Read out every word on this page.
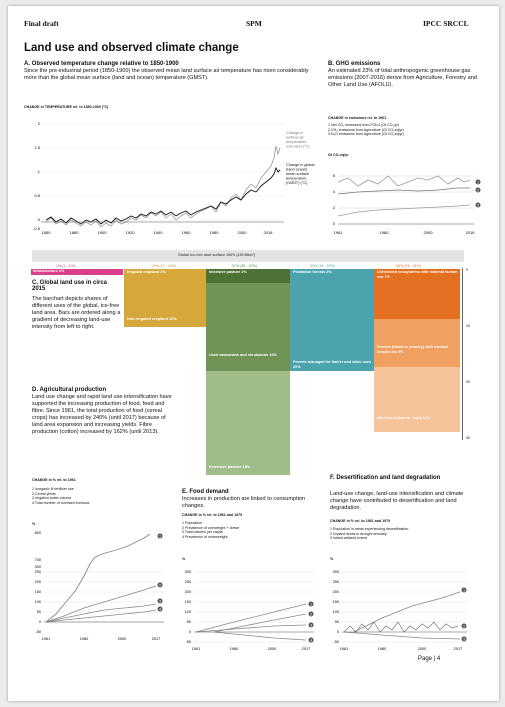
Final draft	SPM	IPCC SRCCL
Land use and observed climate change
A. Observed temperature change relative to 1850-1900
Since the pre-industrial period (1850-1900) the observed mean land surface air temperature has risen considerably more than the global mean surface (land and ocean) temperature (GMST).
CHANGE in TEMPERATURE rel. to 1850-1900 (°C)
2
1.5
1
0.5
0
-0.5
Change in surface air temperature over land (°C)
Change in global (land-ocean) mean surface temperature (GMST) (°C)
1850	1880	1900	1920	1940	1960	1980	2000	2018
B. GHG emissions
An estimated 23% of total anthropogenic greenhouse gas emissions (2007-2016) derive from Agriculture, Forestry and Other Land Use (AFOLU).
CHANGE in emissions rel. to 1961
1 Net CO₂ emissions from FOLU (Gt CO₂/yr)
2 CH₄ emissions from Agriculture (Gt CO₂eq/yr)
3 N₂O emissions from Agriculture (Gt CO₂eq/yr)
Gt CO₂eq/yr
6
4
2
0
1
2
3
1961	1980	2000	2016
Global Ice-free land surface 100% (130 Mkm²)
1% (1 - 1%)	12% (12 - 14%)	37% (30 - 47%)	22% (16 - 23%)	28% (24 - 31%)
Infrastructure 1%	Irrigated cropland 2%
Non-irrigated cropland 10%
Intensive pasture 2%
Used savannahs and shrublands 16%
Extensive pasture 19%
Plantation forests 2%
Forests managed for timber and other uses 20%
Unforested ecosystems with minimal human use 7%
Forests (intact or primary) with minimal human use 9%
Other land (barren, rock) 12%
0
10
20
30
C. Global land use in circa 2015
The barchart depicts shares of different uses of the global, ice-free land area. Bars are ordered along a gradient of decreasing land-use intensity from left to right.
D. Agricultural production
Land use change and rapid land use intensification have supported the increasing production of food, feed and fibre. Since 1961, the total production of food (cereal crops) has increased by 240% (until 2017) because of land area expansion and increasing yields. Fibre production (cotton) increased by 162% (until 2013).
CHANGE in % rel. to 1961
1 Inorganic N fertiliser use
2 Cereal yields
3 Irrigation water volume
4 Total number of ruminant livestock
%
800
700
300
250
200
150
100
50
0
-50
1
2
3
4
1961	1980	2000	2017
E. Food demand
Increases in production are linked to consumption changes.
CHANGE in % rel. to 1961 and 1975
1 Population
2 Prevalence of overweight + obese
3 Total calories per capita
4 Prevalence of underweight
%
300
250
200
150
100
50
0
-50
1
2
3
4
1961	1980	2000	2017
F. Desertification and land degradation
Land-use change, land-use intensification and climate change have contributed to desertification and land degradation.
CHANGE in % rel. to 1961 and 1970
1 Population in areas experiencing desertification
2 Dryland areas in drought annually
3 Inland wetland extent
%
300
250
200
150
100
50
0
-50
1
2
3
1961	1980	2000	2017
Page | 4
